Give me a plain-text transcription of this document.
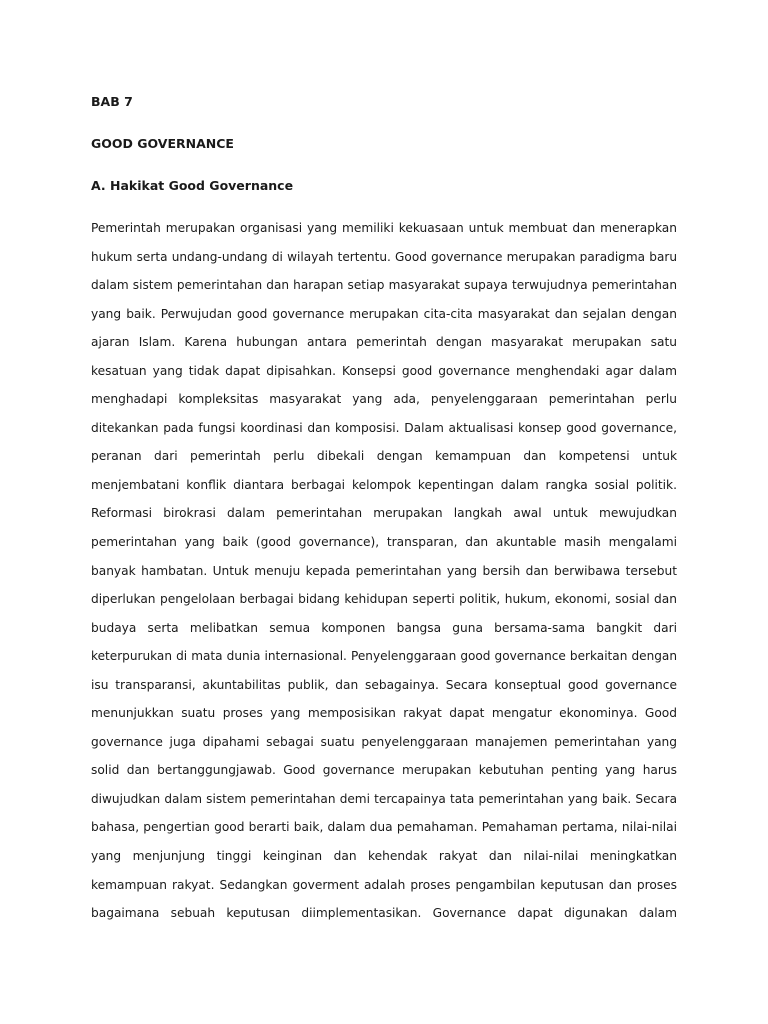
BAB 7
GOOD GOVERNANCE
A. Hakikat Good Governance
Pemerintah merupakan organisasi yang memiliki kekuasaan untuk membuat dan menerapkan
hukum serta undang-undang di wilayah tertentu. Good governance merupakan paradigma baru
dalam sistem pemerintahan dan harapan setiap masyarakat supaya terwujudnya pemerintahan
yang baik. Perwujudan good governance merupakan cita-cita masyarakat dan sejalan dengan
ajaran Islam. Karena hubungan antara pemerintah dengan masyarakat merupakan satu
kesatuan yang tidak dapat dipisahkan. Konsepsi good governance menghendaki agar dalam
menghadapi kompleksitas masyarakat yang ada, penyelenggaraan pemerintahan perlu
ditekankan pada fungsi koordinasi dan komposisi. Dalam aktualisasi konsep good governance,
peranan dari pemerintah perlu dibekali dengan kemampuan dan kompetensi untuk
menjembatani konflik diantara berbagai kelompok kepentingan dalam rangka sosial politik.
Reformasi birokrasi dalam pemerintahan merupakan langkah awal untuk mewujudkan
pemerintahan yang baik (good governance), transparan, dan akuntable masih mengalami
banyak hambatan. Untuk menuju kepada pemerintahan yang bersih dan berwibawa tersebut
diperlukan pengelolaan berbagai bidang kehidupan seperti politik, hukum, ekonomi, sosial dan
budaya serta melibatkan semua komponen bangsa guna bersama-sama bangkit dari
keterpurukan di mata dunia internasional. Penyelenggaraan good governance berkaitan dengan
isu transparansi, akuntabilitas publik, dan sebagainya. Secara konseptual good governance
menunjukkan suatu proses yang memposisikan rakyat dapat mengatur ekonominya. Good
governance juga dipahami sebagai suatu penyelenggaraan manajemen pemerintahan yang
solid dan bertanggungjawab. Good governance merupakan kebutuhan penting yang harus
diwujudkan dalam sistem pemerintahan demi tercapainya tata pemerintahan yang baik. Secara
bahasa, pengertian good berarti baik, dalam dua pemahaman. Pemahaman pertama, nilai-nilai
yang menjunjung tinggi keinginan dan kehendak rakyat dan nilai-nilai meningkatkan
kemampuan rakyat. Sedangkan goverment adalah proses pengambilan keputusan dan proses
bagaimana sebuah keputusan diimplementasikan. Governance dapat digunakan dalam
